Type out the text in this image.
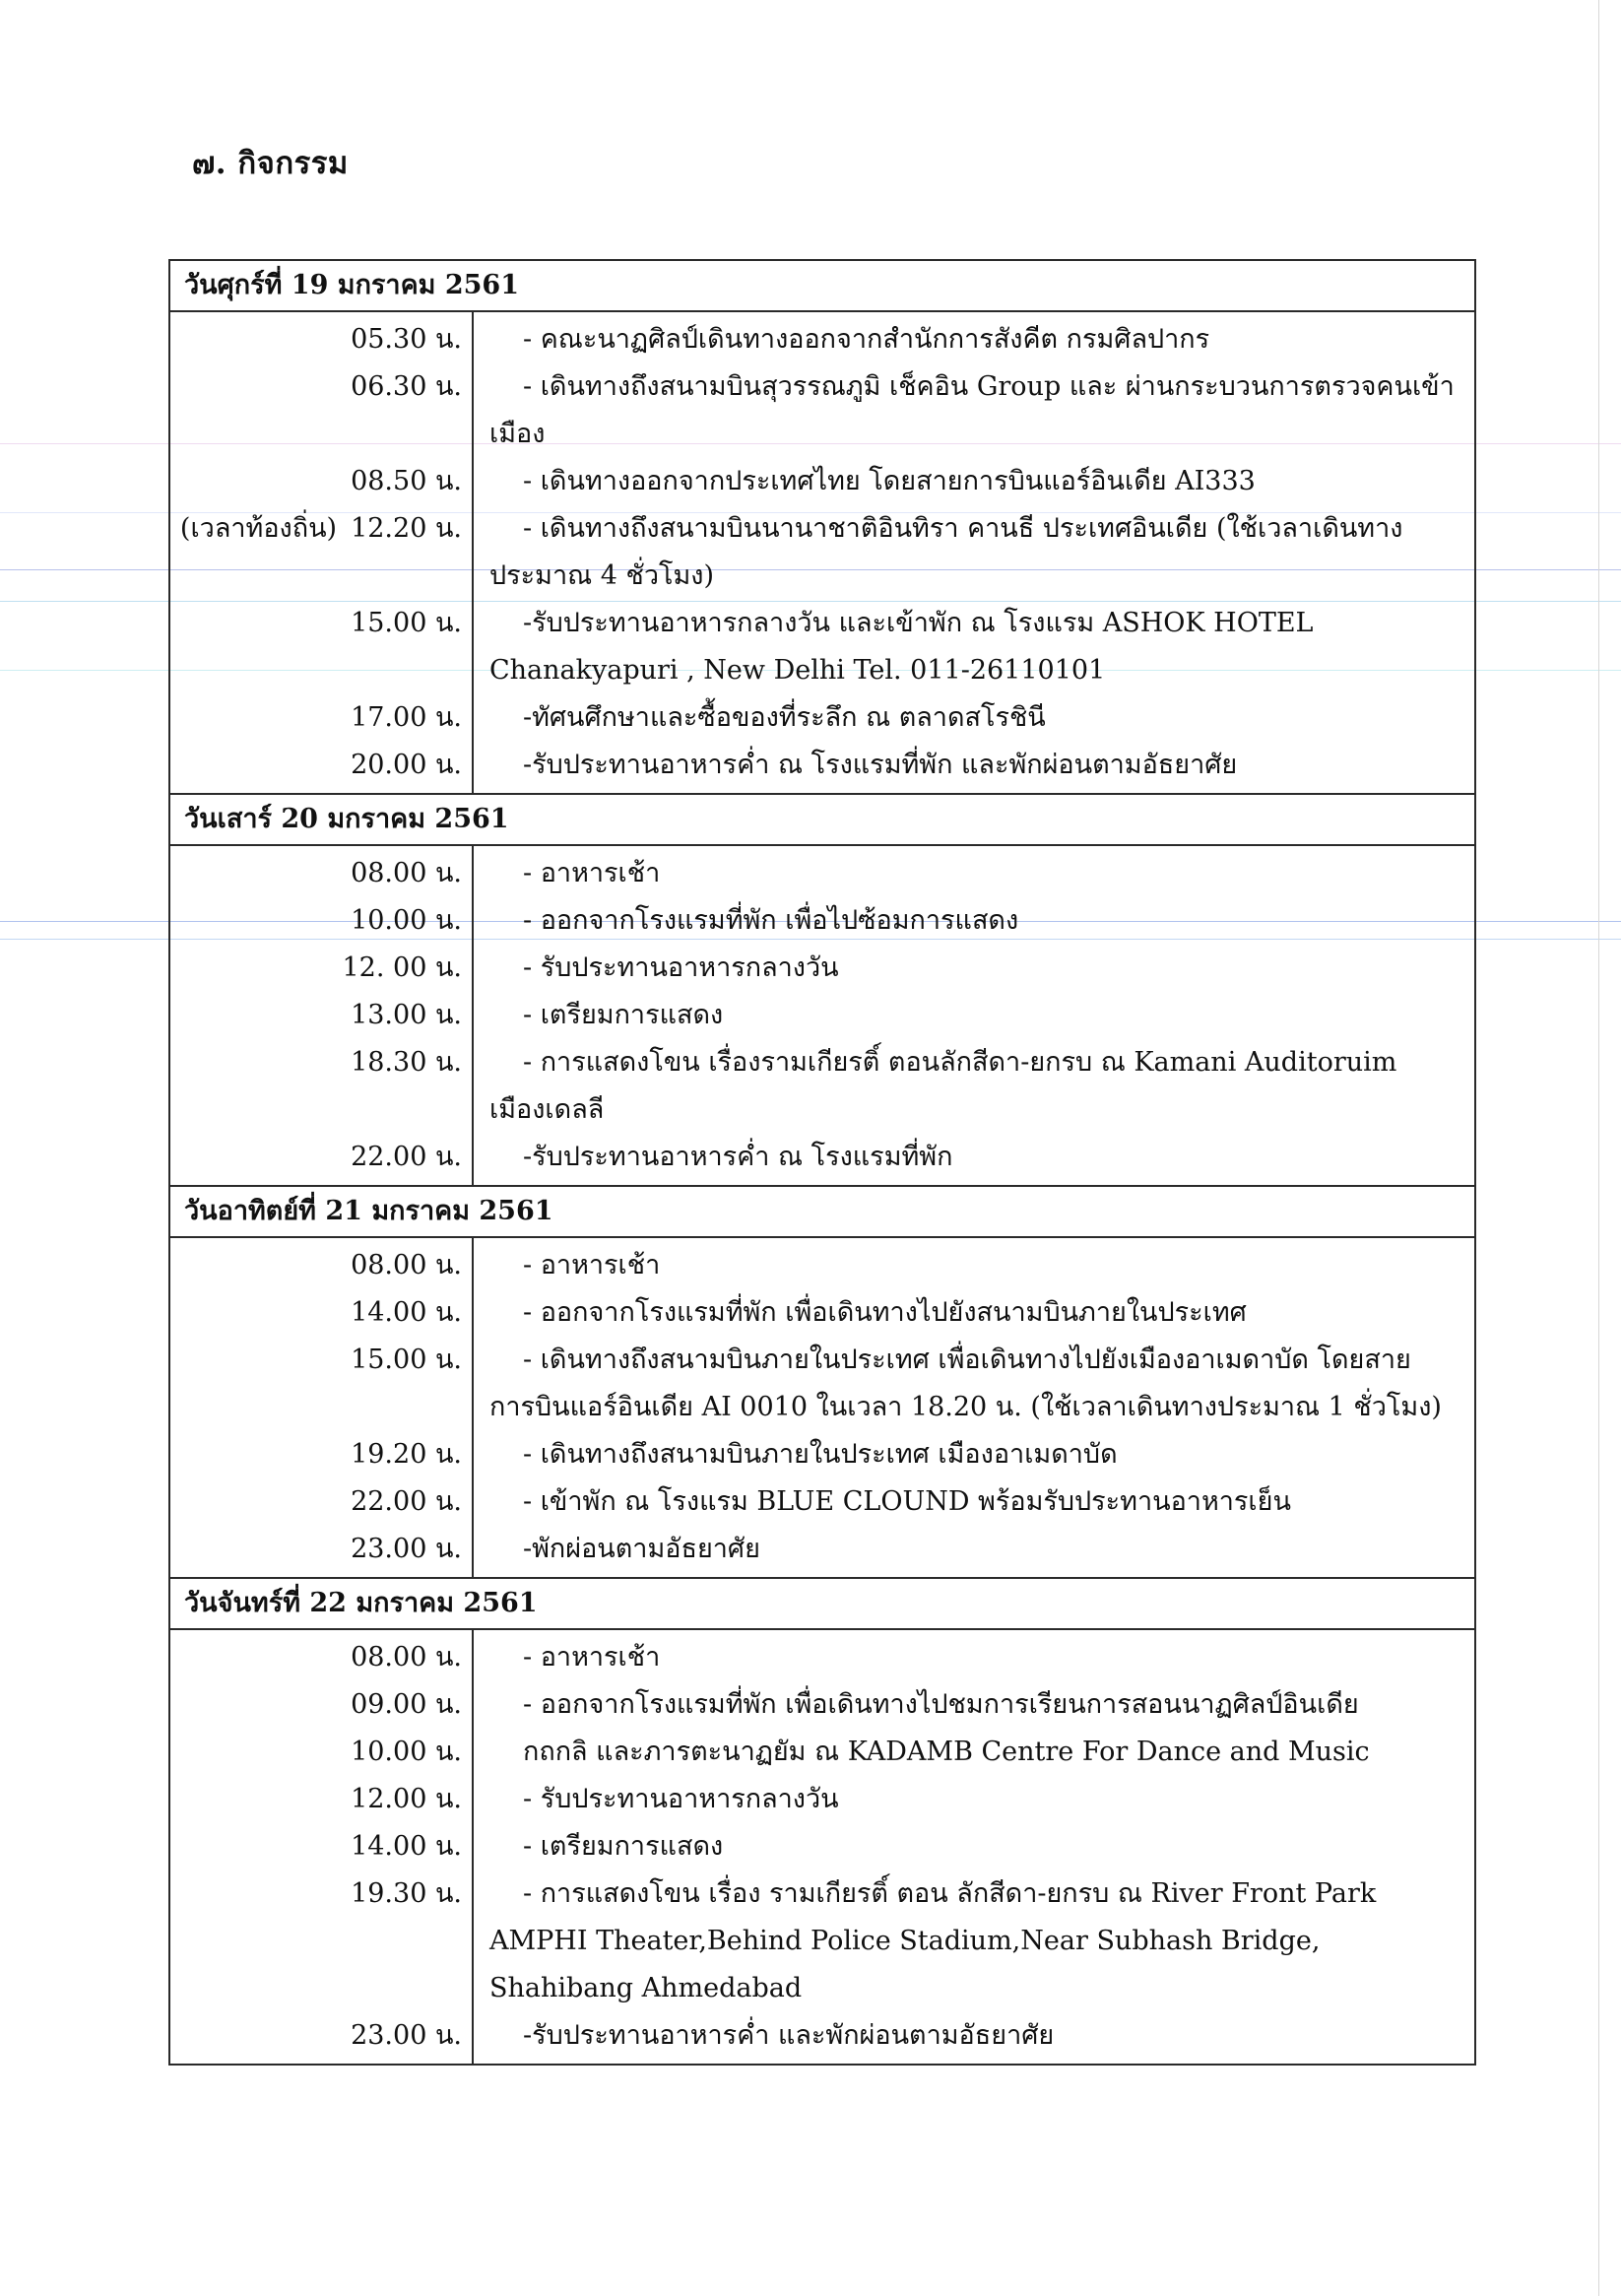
๗. กิจกรรม
วันศุกร์ที่ 19 มกราคม 2561

05.30 น.	- คณะนาฏศิลป์เดินทางออกจากสำนักการสังคีต กรมศิลปากร
06.30 น.	- เดินทางถึงสนามบินสุวรรณภูมิ เช็คอิน Group และ ผ่านกระบวนการตรวจคนเข้าเมือง
08.50 น.	- เดินทางออกจากประเทศไทย โดยสายการบินแอร์อินเดีย AI333
(เวลาท้องถิ่น) 12.20 น.	- เดินทางถึงสนามบินนานาชาติอินทิรา คานธี ประเทศอินเดีย (ใช้เวลาเดินทางประมาณ 4 ชั่วโมง)
15.00 น.	-รับประทานอาหารกลางวัน และเข้าพัก ณ โรงแรม ASHOK HOTEL Chanakyapuri , New Delhi Tel. 011-26110101
17.00 น.	-ทัศนศึกษาและซื้อของที่ระลึก ณ ตลาดสโรชินี
20.00 น.	-รับประทานอาหารค่ำ ณ โรงแรมที่พัก และพักผ่อนตามอัธยาศัย

วันเสาร์ 20 มกราคม 2561

08.00 น.	- อาหารเช้า
10.00 น.	- ออกจากโรงแรมที่พัก เพื่อไปซ้อมการแสดง
12. 00 น.	- รับประทานอาหารกลางวัน
13.00 น.	- เตรียมการแสดง
18.30 น.	- การแสดงโขน เรื่องรามเกียรติ์ ตอนลักสีดา-ยกรบ ณ Kamani Auditoruim เมืองเดลลี
22.00 น.	-รับประทานอาหารค่ำ ณ โรงแรมที่พัก

วันอาทิตย์ที่ 21 มกราคม 2561

08.00 น.	- อาหารเช้า
14.00 น.	- ออกจากโรงแรมที่พัก เพื่อเดินทางไปยังสนามบินภายในประเทศ
15.00 น.	- เดินทางถึงสนามบินภายในประเทศ เพื่อเดินทางไปยังเมืองอาเมดาบัด โดยสายการบินแอร์อินเดีย AI 0010 ในเวลา 18.20 น. (ใช้เวลาเดินทางประมาณ 1 ชั่วโมง)
19.20 น.	- เดินทางถึงสนามบินภายในประเทศ เมืองอาเมดาบัด
22.00 น.	- เข้าพัก ณ โรงแรม BLUE CLOUND พร้อมรับประทานอาหารเย็น
23.00 น.	-พักผ่อนตามอัธยาศัย

วันจันทร์ที่ 22 มกราคม 2561

08.00 น.	- อาหารเช้า
09.00 น.	- ออกจากโรงแรมที่พัก เพื่อเดินทางไปชมการเรียนการสอนนาฏศิลป์อินเดีย
10.00 น.	กถกลิ และภารตะนาฏยัม ณ KADAMB Centre For Dance and Music
12.00 น.	- รับประทานอาหารกลางวัน
14.00 น.	- เตรียมการแสดง
19.30 น.	- การแสดงโขน เรื่อง รามเกียรติ์ ตอน ลักสีดา-ยกรบ ณ River Front Park AMPHI Theater,Behind Police Stadium,Near Subhash Bridge, Shahibang Ahmedabad
23.00 น.	-รับประทานอาหารค่ำ และพักผ่อนตามอัธยาศัย
